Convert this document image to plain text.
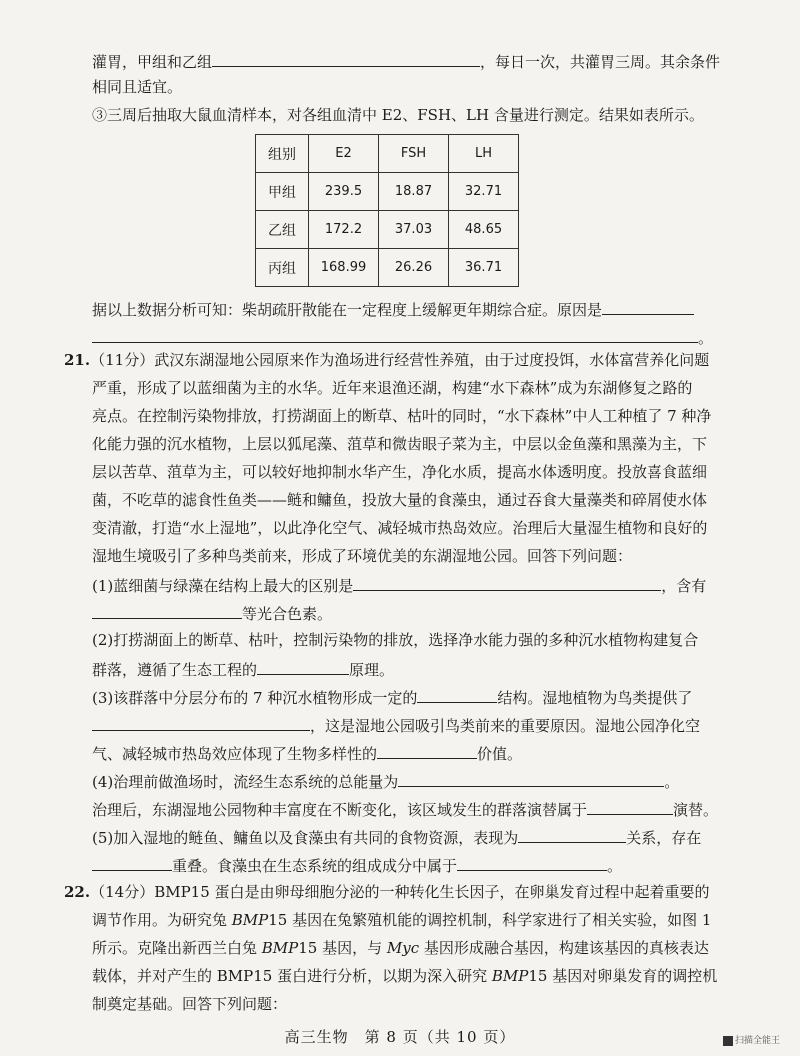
灌胃，甲组和乙组	，每日一次，共灌胃三周。其余条件
相同且适宜。
③三周后抽取大鼠血清样本，对各组血清中 E2、FSH、LH 含量进行测定。结果如表所示。
组别	E2	FSH	LH
甲组	239.5	18.87	32.71
乙组	172.2	37.03	48.65
丙组	168.99	26.26	36.71
据以上数据分析可知：柴胡疏肝散能在一定程度上缓解更年期综合症。原因是
。
21.（11分）武汉东湖湿地公园原来作为渔场进行经营性养殖，由于过度投饵，水体富营养化问题
严重，形成了以蓝细菌为主的水华。近年来退渔还湖，构建“水下森林”成为东湖修复之路的
亮点。在控制污染物排放，打捞湖面上的断草、枯叶的同时，“水下森林”中人工种植了 7 种净
化能力强的沉水植物，上层以狐尾藻、菹草和微齿眼子菜为主，中层以金鱼藻和黑藻为主，下
层以苦草、菹草为主，可以较好地抑制水华产生，净化水质，提高水体透明度。投放喜食蓝细
菌，不吃草的滤食性鱼类——鲢和鳙鱼，投放大量的食藻虫，通过吞食大量藻类和碎屑使水体
变清澈，打造“水上湿地”，以此净化空气、减轻城市热岛效应。治理后大量湿生植物和良好的
湿地生境吸引了多种鸟类前来，形成了环境优美的东湖湿地公园。回答下列问题：
(1)蓝细菌与绿藻在结构上最大的区别是	，含有
等光合色素。
(2)打捞湖面上的断草、枯叶，控制污染物的排放，选择净水能力强的多种沉水植物构建复合
群落，遵循了生态工程的	原理。
(3)该群落中分层分布的 7 种沉水植物形成一定的	结构。湿地植物为鸟类提供了
，这是湿地公园吸引鸟类前来的重要原因。湿地公园净化空
气、减轻城市热岛效应体现了生物多样性的	价值。
(4)治理前做渔场时，流经生态系统的总能量为	。
治理后，东湖湿地公园物种丰富度在不断变化，该区域发生的群落演替属于	演替。
(5)加入湿地的鲢鱼、鳙鱼以及食藻虫有共同的食物资源，表现为	关系，存在
重叠。食藻虫在生态系统的组成成分中属于	。
22.（14分）BMP15 蛋白是由卵母细胞分泌的一种转化生长因子，在卵巢发育过程中起着重要的
调节作用。为研究兔 BMP15 基因在兔繁殖机能的调控机制，科学家进行了相关实验，如图 1
所示。克隆出新西兰白兔 BMP15 基因，与 Myc 基因形成融合基因，构建该基因的真核表达
载体，并对产生的 BMP15 蛋白进行分析，以期为深入研究 BMP15 基因对卵巢发育的调控机
制奠定基础。回答下列问题：
高三生物　第 8 页（共 10 页）	扫描全能王
